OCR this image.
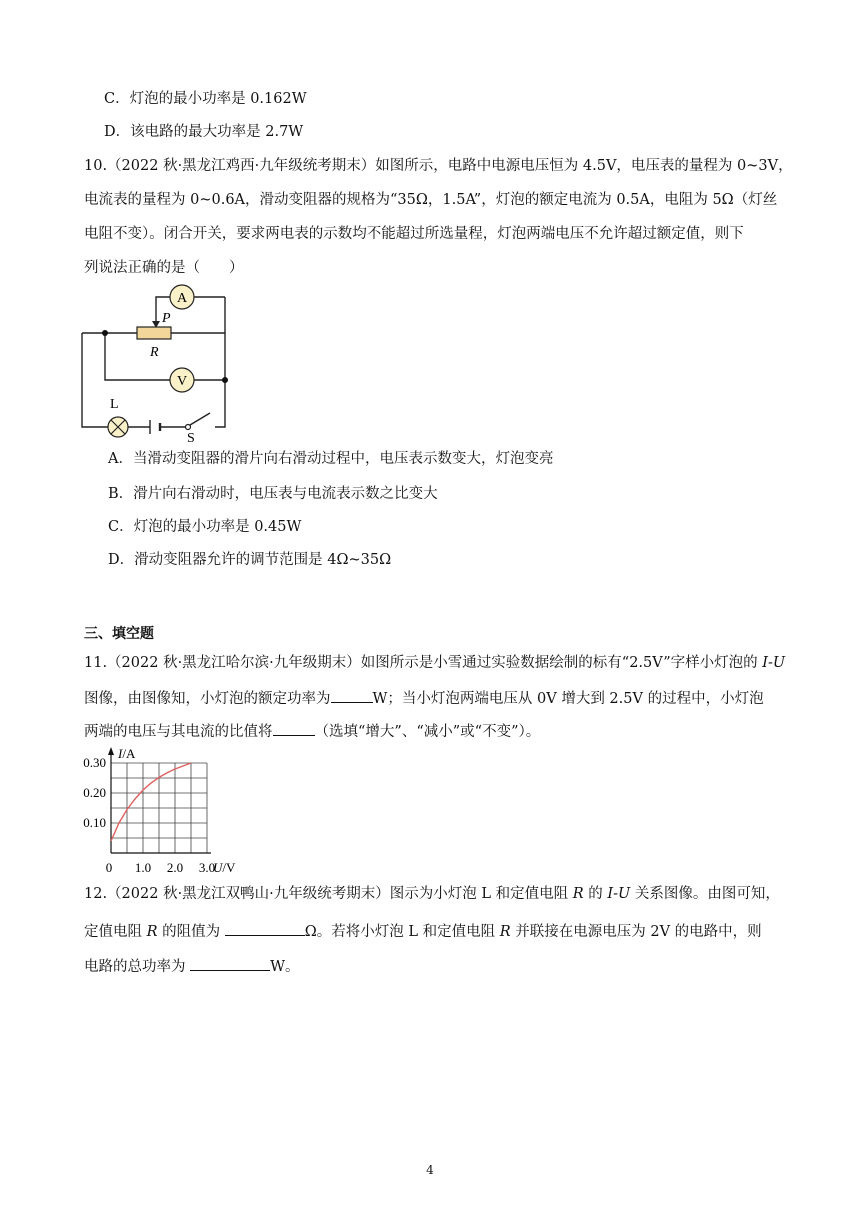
C．灯泡的最小功率是 0.162W
D．该电路的最大功率是 2.7W
10.（2022 秋·黑龙江鸡西·九年级统考期末）如图所示，电路中电源电压恒为 4.5V，电压表的量程为 0~3V，
电流表的量程为 0~0.6A，滑动变阻器的规格为“35Ω，1.5A”，灯泡的额定电流为 0.5A，电阻为 5Ω（灯丝
电阻不变）。闭合开关，要求两电表的示数均不能超过所选量程，灯泡两端电压不允许超过额定值，则下
列说法正确的是（　　）
A
V
P
R
L
S
A．当滑动变阻器的滑片向右滑动过程中，电压表示数变大，灯泡变亮
B．滑片向右滑动时，电压表与电流表示数之比变大
C．灯泡的最小功率是 0.45W
D．滑动变阻器允许的调节范围是 4Ω~35Ω
三、填空题
11.（2022 秋·黑龙江哈尔滨·九年级期末）如图所示是小雪通过实验数据绘制的标有“2.5V”字样小灯泡的 I-U
图像，由图像知，小灯泡的额定功率为	W；当小灯泡两端电压从 0V 增大到 2.5V 的过程中，小灯泡
两端的电压与其电流的比值将	（选填“增大”、“减小”或“不变”）。
I/A
U/V
0.10
0.20
0.30
0 1.0 2.0 3.0
12.（2022 秋·黑龙江双鸭山·九年级统考期末）图示为小灯泡 L 和定值电阻 R 的 I-U 关系图像。由图可知，
定值电阻 R 的阻值为	Ω。若将小灯泡 L 和定值电阻 R 并联接在电源电压为 2V 的电路中，则
电路的总功率为	W。
4
